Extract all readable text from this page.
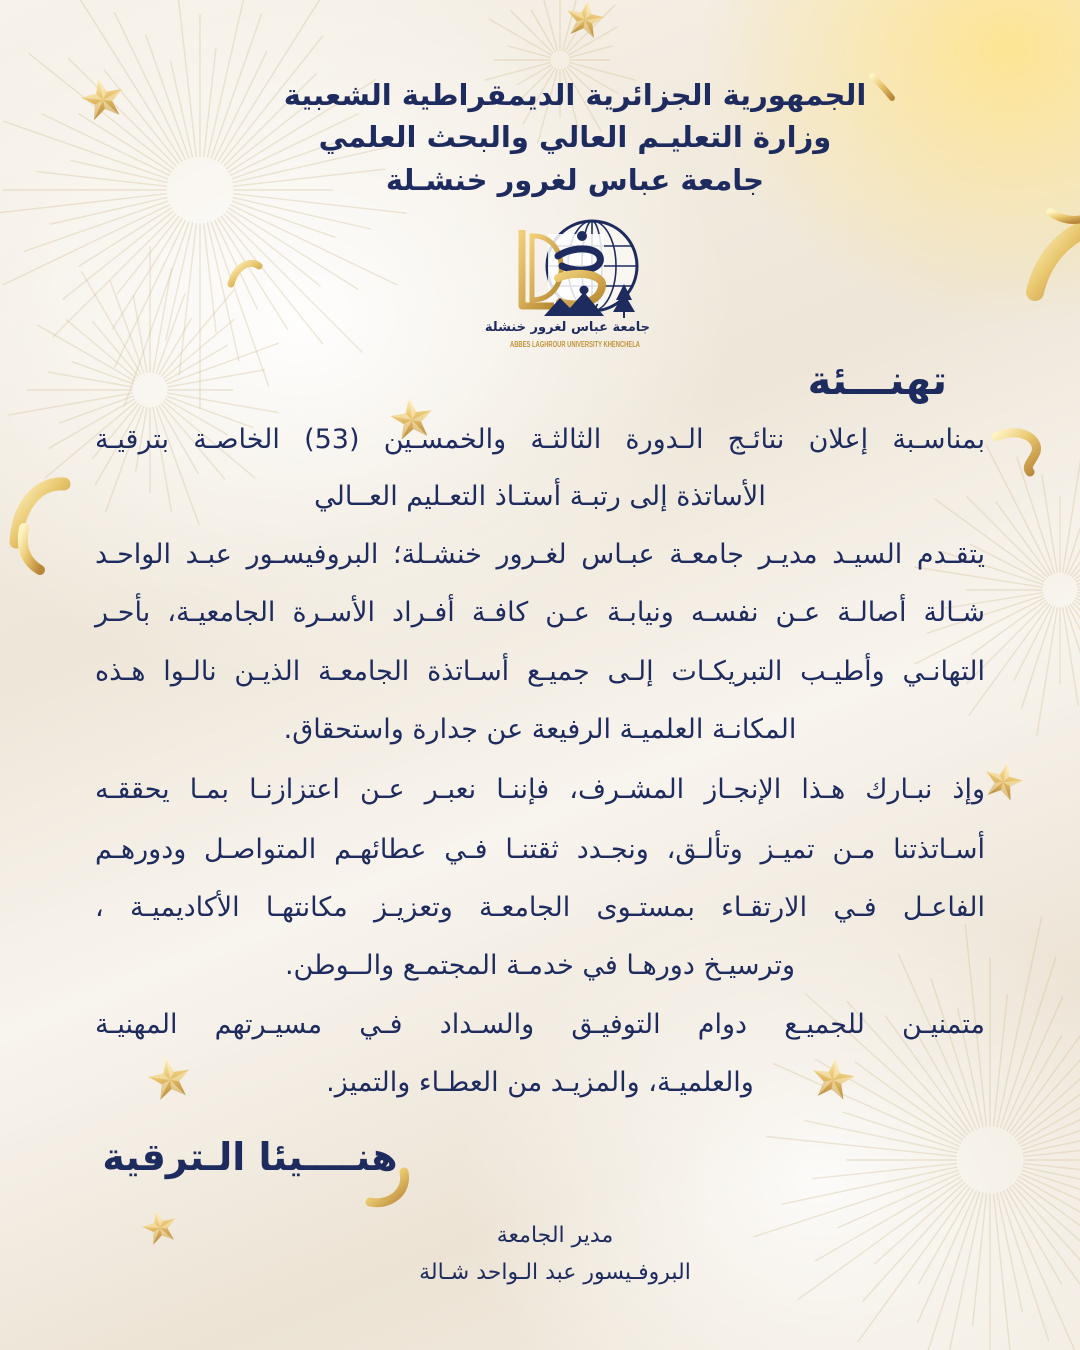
الجمهورية الجزائرية الديمقراطية الشعبية
وزارة التعليـم العالي والبحث العلمي
جامعة عباس لغرور خنشـلة
جامعة عباس لغرور خنشلة
ABBES LAGHROUR UNIVERSITY KHENCHELA
تهنـــئة
بمناسـبة إعلان نتائـج الـدورة الثالثـة والخمسـين (53) الخاصـة بترقيـة
الأساتذة إلى رتبـة أستـاذ التعـليم العــالي
يتقـدم السيـد مديـر جامعـة عبـاس لغـرور خنشـلة؛ البروفيسـور عبـد الواحـد
شـالة أصالـة عـن نفسـه ونيابـة عـن كافـة أفـراد الأسـرة الجامعيـة، بأحـر
التهانـي وأطيـب التبريكـات إلـى جميـع أسـاتذة الجامعـة الذيـن نالـوا هـذه
المكانـة العلميـة الرفيعة عن جدارة واستحقاق.
وإذ نبـارك هـذا الإنجـاز المشـرف، فإننـا نعبـر عـن اعتزازنـا بمـا يحققـه
أسـاتذتنا مـن تميـز وتألـق، ونجـدد ثقتنـا فـي عطائهـم المتواصـل ودورهـم
الفاعـل فـي الارتقـاء بمستـوى الجامعـة وتعزيـز مكانتهـا الأكاديميـة ،
وترسيـخ دورهـا في خدمـة المجتمـع والــوطن.
متمنيـن للجميـع دوام التوفيـق والسـداد فـي مسيـرتهم المهنيـة
والعلميـة، والمزيـد من العطـاء والتميز.
هنــــيئا الـترقية
مدير الجامعة
البروفـيسور عبد الـواحد شـالة
